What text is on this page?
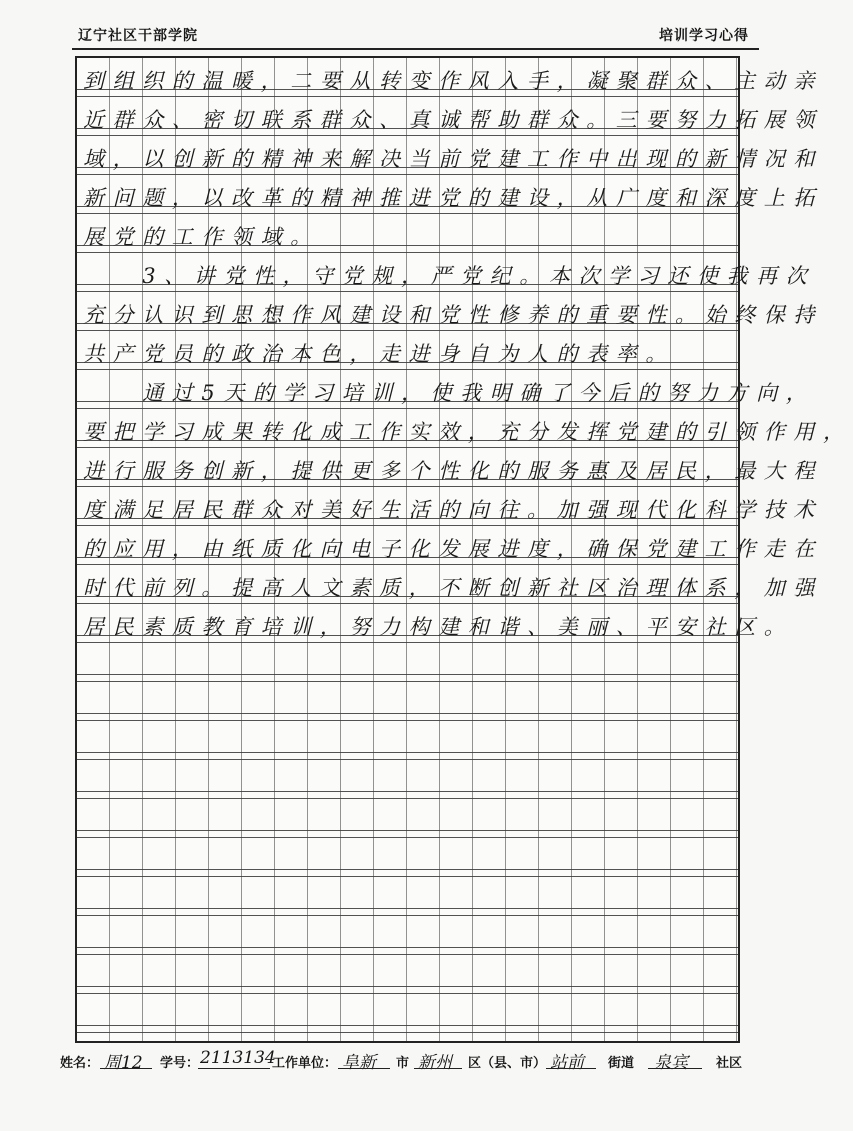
辽宁社区干部学院	培训学习心得
到组织的温暖，二要从转变作风入手，凝聚群众、主动亲
近群众、密切联系群众、真诚帮助群众。三要努力拓展领
域，以创新的精神来解决当前党建工作中出现的新情况和
新问题，以改革的精神推进党的建设，从广度和深度上拓
展党的工作领域。
　　3、讲党性，守党规，严党纪。本次学习还使我再次
充分认识到思想作风建设和党性修养的重要性。始终保持
共产党员的政治本色，走进身自为人的表率。
　　通过5天的学习培训，使我明确了今后的努力方向，
要把学习成果转化成工作实效，充分发挥党建的引领作用，
进行服务创新，提供更多个性化的服务惠及居民，最大程
度满足居民群众对美好生活的向往。加强现代化科学技术
的应用，由纸质化向电子化发展进度，确保党建工作走在
时代前列。提高人文素质，不断创新社区治理体系，加强
居民素质教育培训，努力构建和谐、美丽、平安社区。
姓名： 周12 学号： 2113134
工作单位： 阜新 市 新州 区（县、市） 站前 街道 泉宾 社区
